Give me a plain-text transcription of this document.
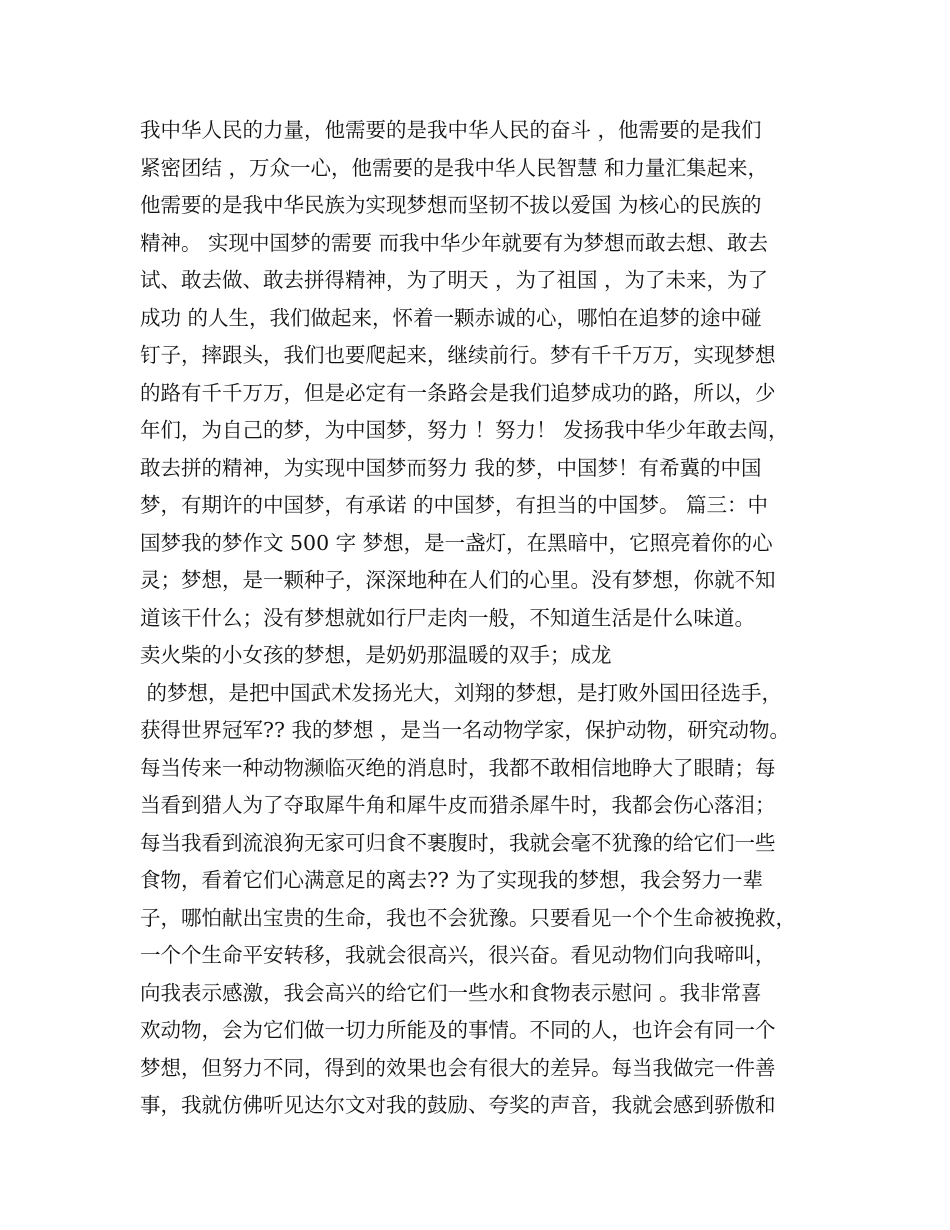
我中华人民的力量，他需要的是我中华人民的奋斗 ，他需要的是我们
紧密团结 ，万众一心，他需要的是我中华人民智慧 和力量汇集起来，
他需要的是我中华民族为实现梦想而坚韧不拔以爱国 为核心的民族的
精神。 实现中国梦的需要 而我中华少年就要有为梦想而敢去想、敢去
试、敢去做、敢去拼得精神，为了明天 ，为了祖国 ，为了未来，为了
成功 的人生，我们做起来，怀着一颗赤诚的心，哪怕在追梦的途中碰
钉子，摔跟头，我们也要爬起来，继续前行。梦有千千万万，实现梦想
的路有千千万万，但是必定有一条路会是我们追梦成功的路，所以，少
年们，为自己的梦，为中国梦，努力 ！努力！ 发扬我中华少年敢去闯，
敢去拼的精神，为实现中国梦而努力 我的梦，中国梦！有希冀的中国
梦，有期许的中国梦，有承诺 的中国梦，有担当的中国梦。 篇三：中
国梦我的梦作文 500 字 梦想，是一盏灯，在黑暗中，它照亮着你的心
灵；梦想，是一颗种子，深深地种在人们的心里。没有梦想，你就不知
道该干什么；没有梦想就如行尸走肉一般，不知道生活是什么味道。
卖火柴的小女孩的梦想，是奶奶那温暖的双手；成龙
的梦想，是把中国武术发扬光大，刘翔的梦想，是打败外国田径选手，
获得世界冠军?? 我的梦想 ，是当一名动物学家，保护动物，研究动物。
每当传来一种动物濒临灭绝的消息时，我都不敢相信地睁大了眼睛；每
当看到猎人为了夺取犀牛角和犀牛皮而猎杀犀牛时，我都会伤心落泪；
每当我看到流浪狗无家可归食不裹腹时，我就会毫不犹豫的给它们一些
食物，看着它们心满意足的离去?? 为了实现我的梦想，我会努力一辈
子，哪怕献出宝贵的生命，我也不会犹豫。只要看见一个个生命被挽救，
一个个生命平安转移，我就会很高兴，很兴奋。看见动物们向我啼叫，
向我表示感激，我会高兴的给它们一些水和食物表示慰问 。我非常喜
欢动物，会为它们做一切力所能及的事情。不同的人，也许会有同一个
梦想，但努力不同，得到的效果也会有很大的差异。每当我做完一件善
事，我就仿佛听见达尔文对我的鼓励、夸奖的声音，我就会感到骄傲和
